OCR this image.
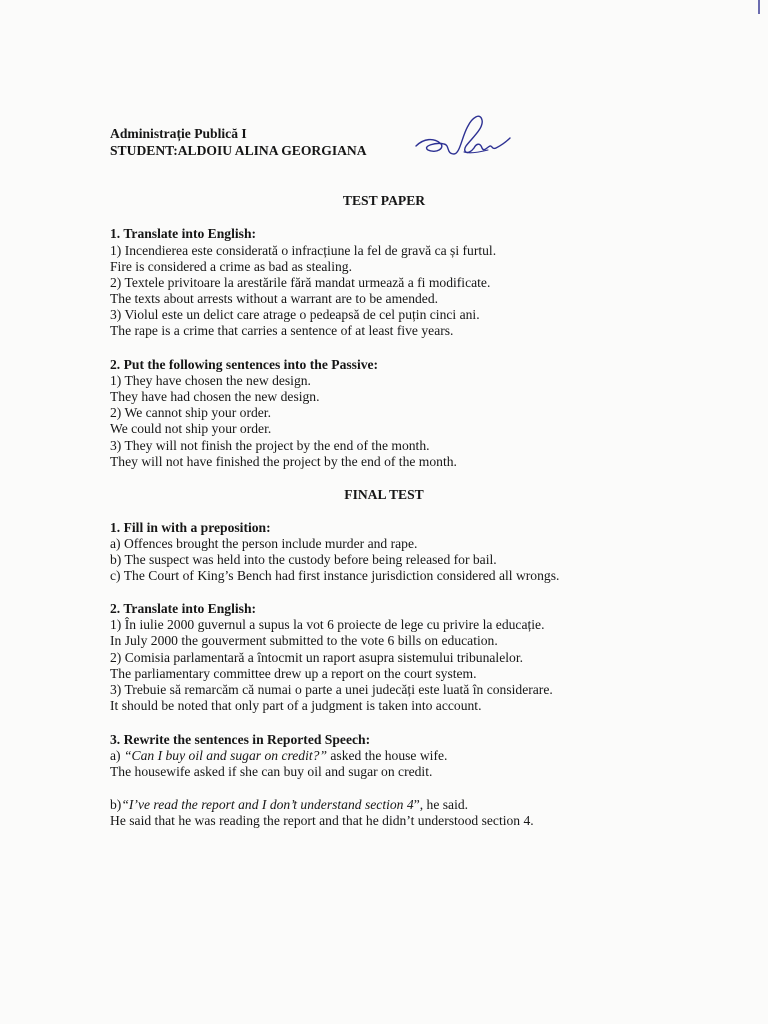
Administrație Publică I
STUDENT:ALDOIU ALINA GEORGIANA
TEST PAPER
1. Translate into English:
1) Incendierea este considerată o infracțiune la fel de gravă ca și furtul.
Fire is considered a crime as bad as stealing.
2) Textele privitoare la arestările fără mandat urmează a fi modificate.
The texts about arrests without a warrant are to be amended.
3) Violul este un delict care atrage o pedeapsă de cel puțin cinci ani.
The rape is a crime that carries a sentence of at least five years.
2. Put the following sentences into the Passive:
1) They have chosen the new design.
They have had chosen the new design.
2) We cannot ship your order.
We could not ship your order.
3) They will not finish the project by the end of the month.
They will not have finished the project by the end of the month.
FINAL TEST
1. Fill in with a preposition:
a) Offences brought the person include murder and rape.
b) The suspect was held into the custody before being released for bail.
c) The Court of King’s Bench had first instance jurisdiction considered all wrongs.
2. Translate into English:
1) În iulie 2000 guvernul a supus la vot 6 proiecte de lege cu privire la educație.
In July 2000 the gouverment submitted to the vote 6 bills on education.
2) Comisia parlamentară a întocmit un raport asupra sistemului tribunalelor.
The parliamentary committee drew up a report on the court system.
3) Trebuie să remarcăm că numai o parte a unei judecăți este luată în considerare.
It should be noted that only part of a judgment is taken into account.
3. Rewrite the sentences in Reported Speech:
a) “Can I buy oil and sugar on credit?” asked the house wife.
The housewife asked if she can buy oil and sugar on credit.
b)“I’ve read the report and I don’t understand section 4”, he said.
He said that he was reading the report and that he didn’t understood section 4.
